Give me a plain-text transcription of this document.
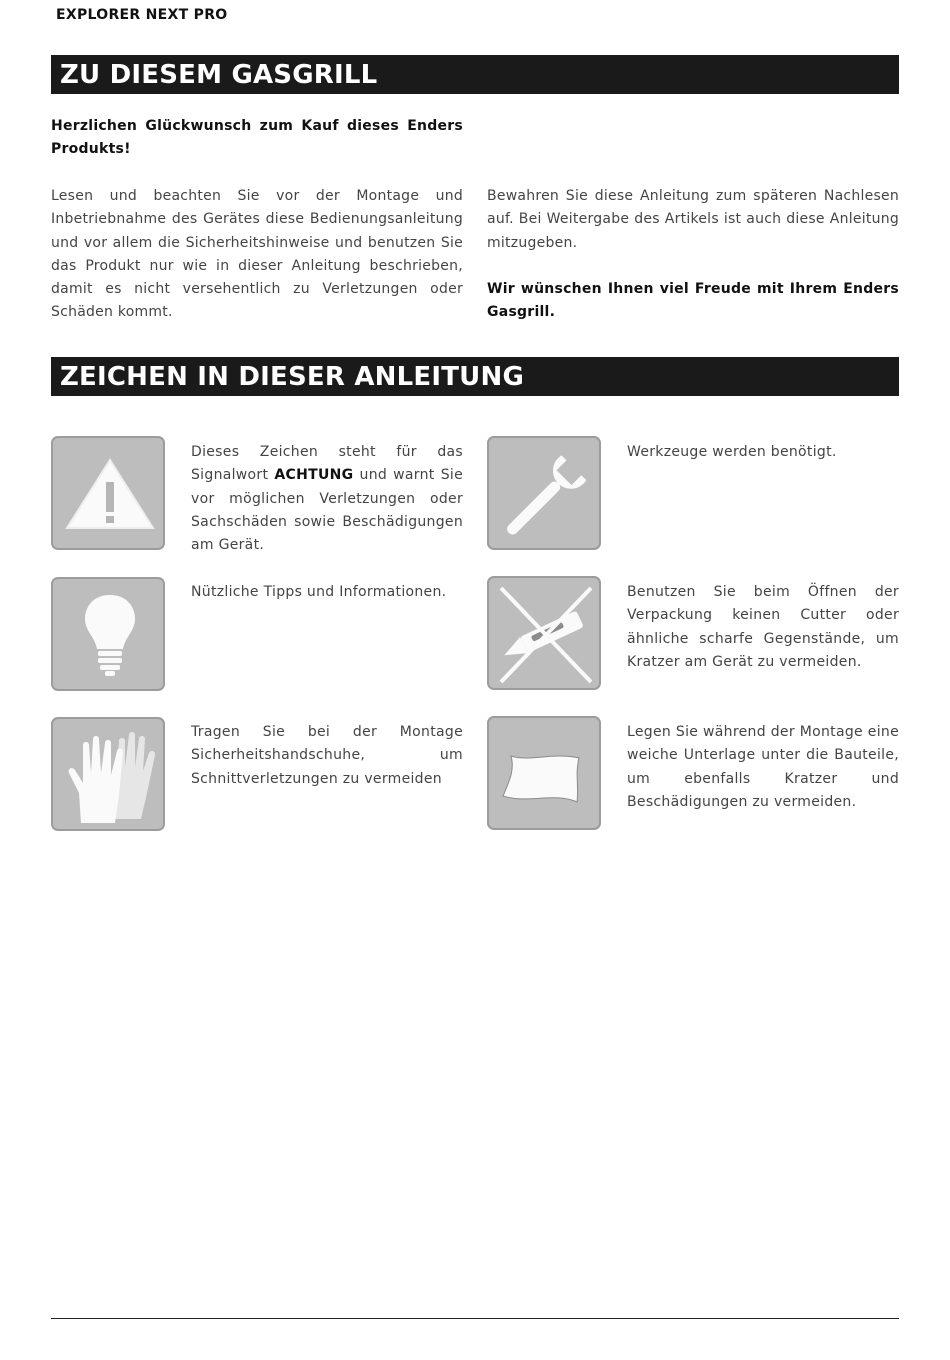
EXPLORER NEXT PRO
ZU DIESEM GASGRILL
Herzlichen Glückwunsch zum Kauf dieses Enders Produkts!
Lesen und beachten Sie vor der Montage und Inbetriebnahme des Gerätes diese Bedienungsanleitung und vor allem die Sicherheitshinweise und benutzen Sie das Produkt nur wie in dieser Anleitung beschrieben, damit es nicht versehentlich zu Verletzungen oder Schäden kommt.
Bewahren Sie diese Anleitung zum späteren Nachlesen auf. Bei Weitergabe des Artikels ist auch diese Anleitung mitzugeben.
Wir wünschen Ihnen viel Freude mit Ihrem Enders Gasgrill.
ZEICHEN IN DIESER ANLEITUNG
Dieses Zeichen steht für das Signalwort ACHTUNG und warnt Sie vor möglichen Verletzungen oder Sachschäden sowie Beschädigungen am Gerät.
Werkzeuge werden benötigt.
Nützliche Tipps und Informationen.	Benutzen Sie beim Öffnen der Verpackung keinen Cutter oder ähnliche scharfe Gegenstände, um Kratzer am Gerät zu vermeiden.
Tragen Sie bei der Montage Sicherheitshandschuhe, um Schnittverletzungen zu vermeiden
Legen Sie während der Montage eine weiche Unterlage unter die Bauteile, um ebenfalls Kratzer und Beschädigungen zu vermeiden.
